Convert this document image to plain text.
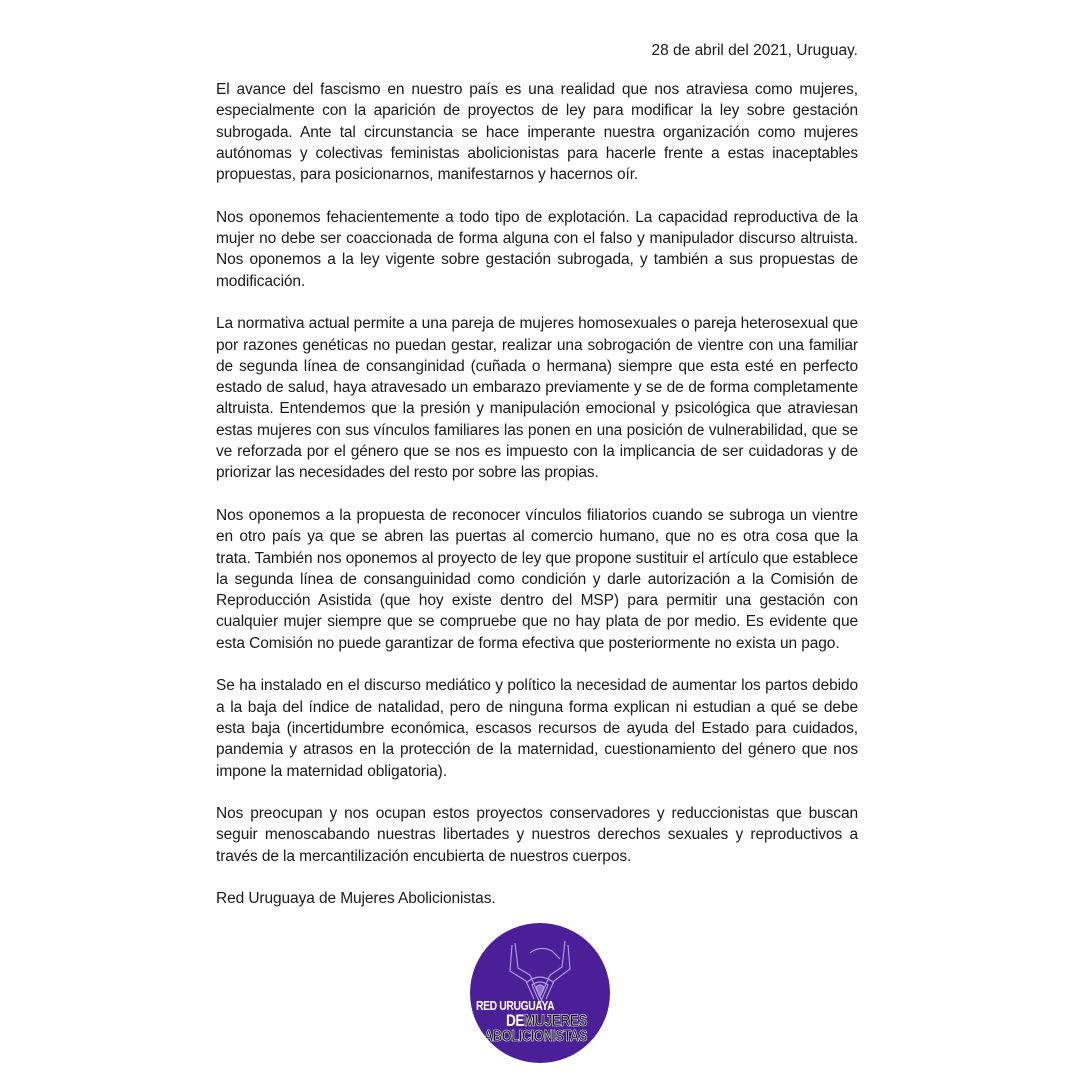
28 de abril del 2021, Uruguay.

El avance del fascismo en nuestro país es una realidad que nos atraviesa como mujeres, especialmente con la aparición de proyectos de ley para modificar la ley sobre gestación subrogada. Ante tal circunstancia se hace imperante nuestra organización como mujeres autónomas y colectivas feministas abolicionistas para hacerle frente a estas inaceptables propuestas, para posicionarnos, manifestarnos y hacernos oír.

Nos oponemos fehacientemente a todo tipo de explotación. La capacidad reproductiva de la mujer no debe ser coaccionada de forma alguna con el falso y manipulador discurso altruista. Nos oponemos a la ley vigente sobre gestación subrogada, y también a sus propuestas de modificación.

La normativa actual permite a una pareja de mujeres homosexuales o pareja heterosexual que por razones genéticas no puedan gestar, realizar una sobrogación de vientre con una familiar de segunda línea de consanginidad (cuñada o hermana) siempre que esta esté en perfecto estado de salud, haya atravesado un embarazo previamente y se de de forma completamente altruista. Entendemos que la presión y manipulación emocional y psicológica que atraviesan estas mujeres con sus vínculos familiares las ponen en una posición de vulnerabilidad, que se ve reforzada por el género que se nos es impuesto con la implicancia de ser cuidadoras y de priorizar las necesidades del resto por sobre las propias.

Nos oponemos a la propuesta de reconocer vínculos filiatorios cuando se subroga un vientre en otro país ya que se abren las puertas al comercio humano, que no es otra cosa que la trata. También nos oponemos al proyecto de ley que propone sustituir el artículo que establece la segunda línea de consanguinidad como condición y darle autorización a la Comisión de Reproducción Asistida (que hoy existe dentro del MSP) para permitir una gestación con cualquier mujer siempre que se compruebe que no hay plata de por medio. Es evidente que esta Comisión no puede garantizar de forma efectiva que posteriormente no exista un pago.

Se ha instalado en el discurso mediático y político la necesidad de aumentar los partos debido a la baja del índice de natalidad, pero de ninguna forma explican ni estudian a qué se debe esta baja (incertidumbre económica, escasos recursos de ayuda del Estado para cuidados, pandemia y atrasos en la protección de la maternidad, cuestionamiento del género que nos impone la maternidad obligatoria).

Nos preocupan y nos ocupan estos proyectos conservadores y reduccionistas que buscan seguir menoscabando nuestras libertades y nuestros derechos sexuales y reproductivos a través de la mercantilización encubierta de nuestros cuerpos.

Red Uruguaya de Mujeres Abolicionistas.

RED URUGUAYA
DEMUJERES
ABOLICIONISTAS
